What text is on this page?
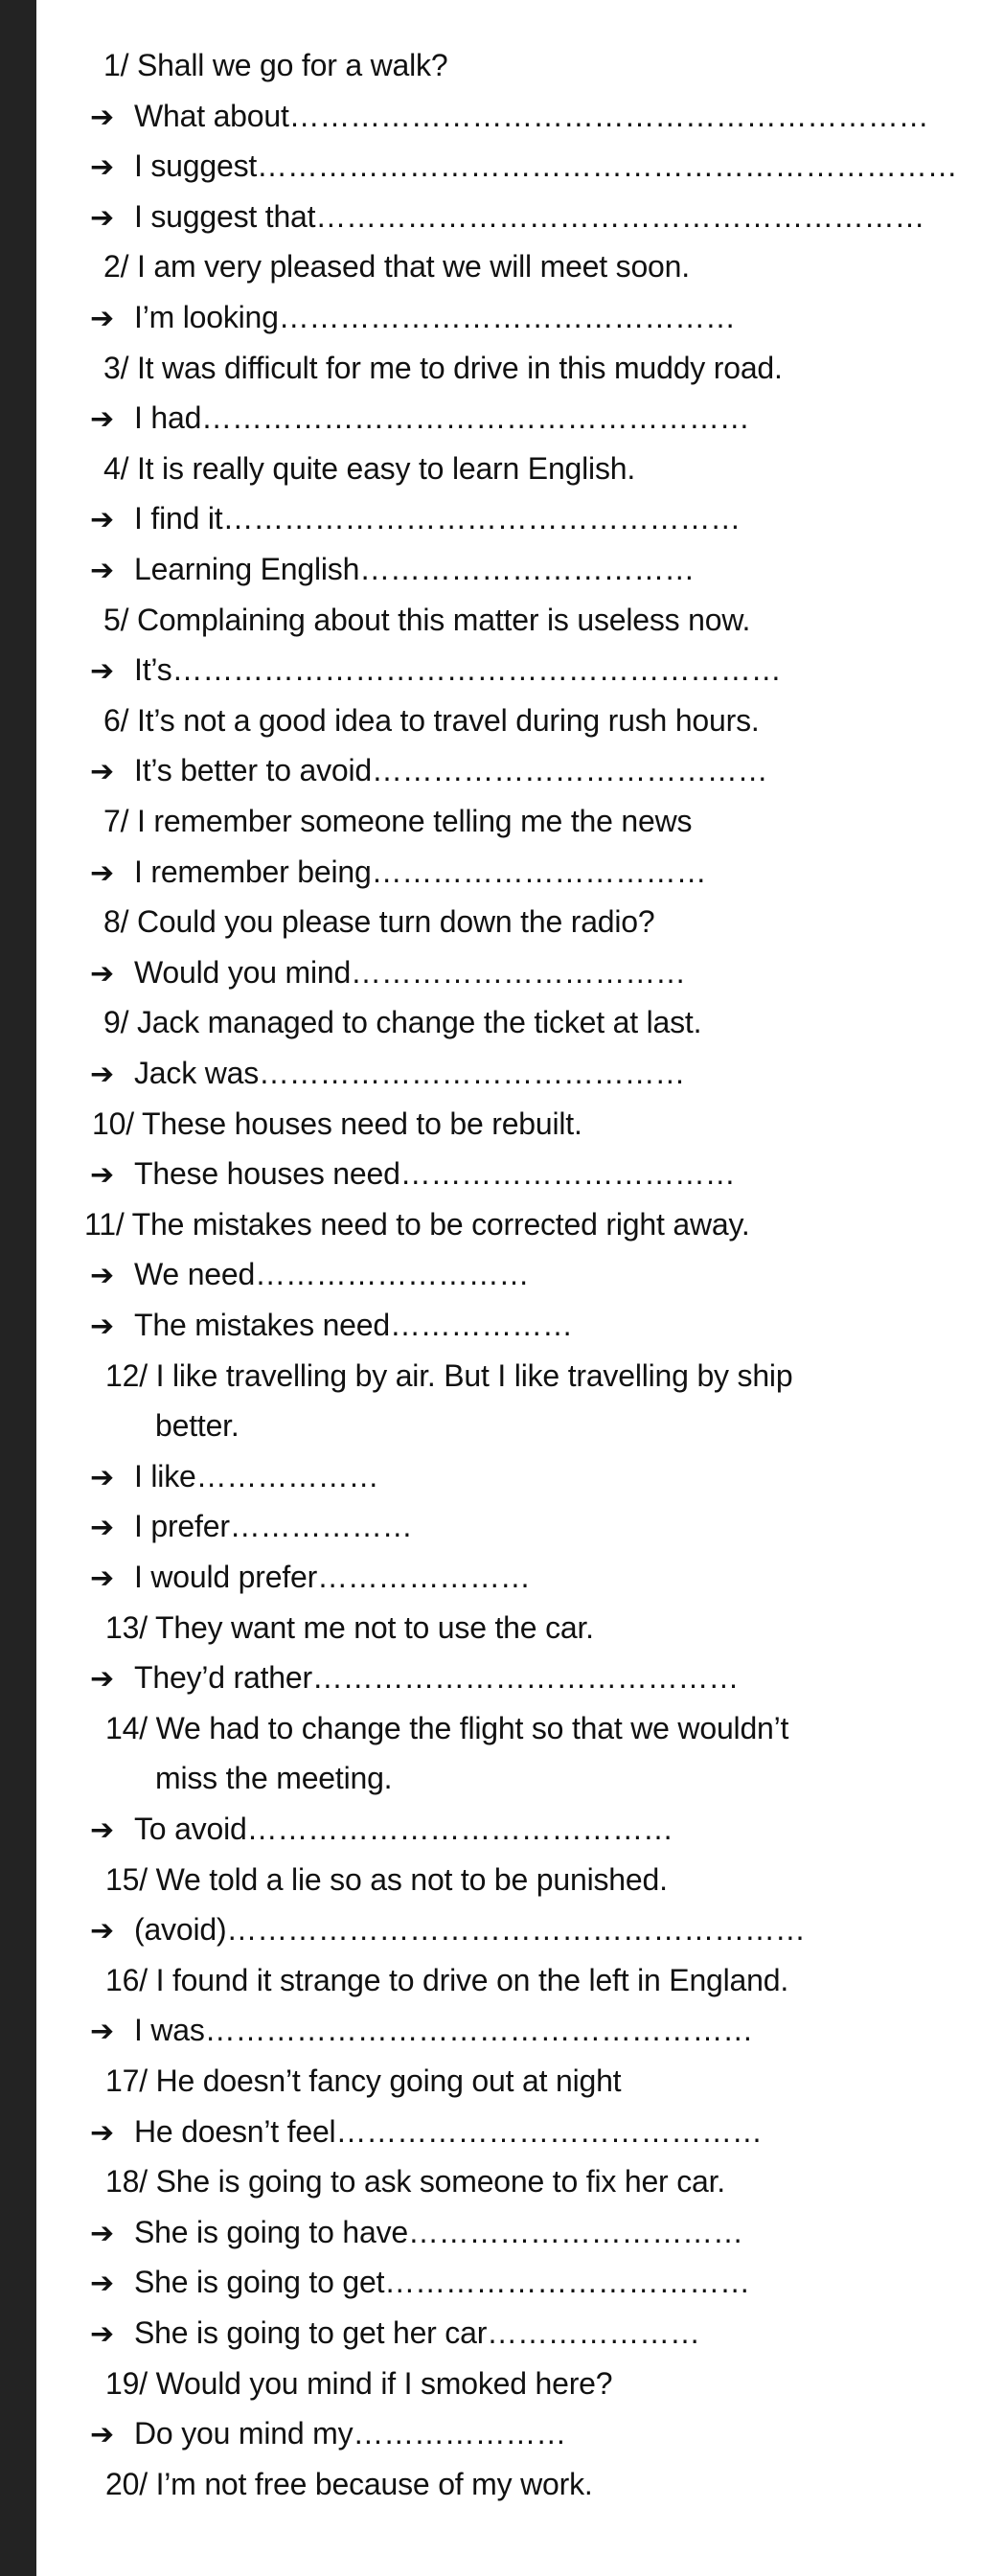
1/ Shall we go for a walk?
➔ What about………………………………………………………
➔ I suggest……………………………………………………………
➔ I suggest that……………………………………………………
2/ I am very pleased that we will meet soon.
➔ I’m looking………………………………………
3/ It was difficult for me to drive in this muddy road.
➔ I had………………………………………………
4/ It is really quite easy to learn English.
➔ I find it……………………………………………
➔ Learning English……………………………
5/ Complaining about this matter is useless now.
➔ It’s……………………………………………………
6/ It’s not a good idea to travel during rush hours.
➔ It’s better to avoid…………………………………
7/ I remember someone telling me the news
➔ I remember being……………………………
8/ Could you please turn down the radio?
➔ Would you mind……………………………
9/ Jack managed to change the ticket at last.
➔ Jack was……………………………………
10/ These houses need to be rebuilt.
➔ These houses need……………………………
11/ The mistakes need to be corrected right away.
➔ We need………………………
➔ The mistakes need………………
12/ I like travelling by air. But I like travelling by ship
better.
➔ I like………………
➔ I prefer………………
➔ I would prefer…………………
13/ They want me not to use the car.
➔ They’d rather……………………………………
14/ We had to change the flight so that we wouldn’t
miss the meeting.
➔ To avoid……………………………………
15/ We told a lie so as not to be punished.
➔ (avoid)…………………………………………………
16/ I found it strange to drive on the left in England.
➔ I was………………………………………………
17/ He doesn’t fancy going out at night
➔ He doesn’t feel……………………………………
18/ She is going to ask someone to fix her car.
➔ She is going to have……………………………
➔ She is going to get………………………………
➔ She is going to get her car…………………
19/ Would you mind if I smoked here?
➔ Do you mind my…………………
20/ I’m not free because of my work.
